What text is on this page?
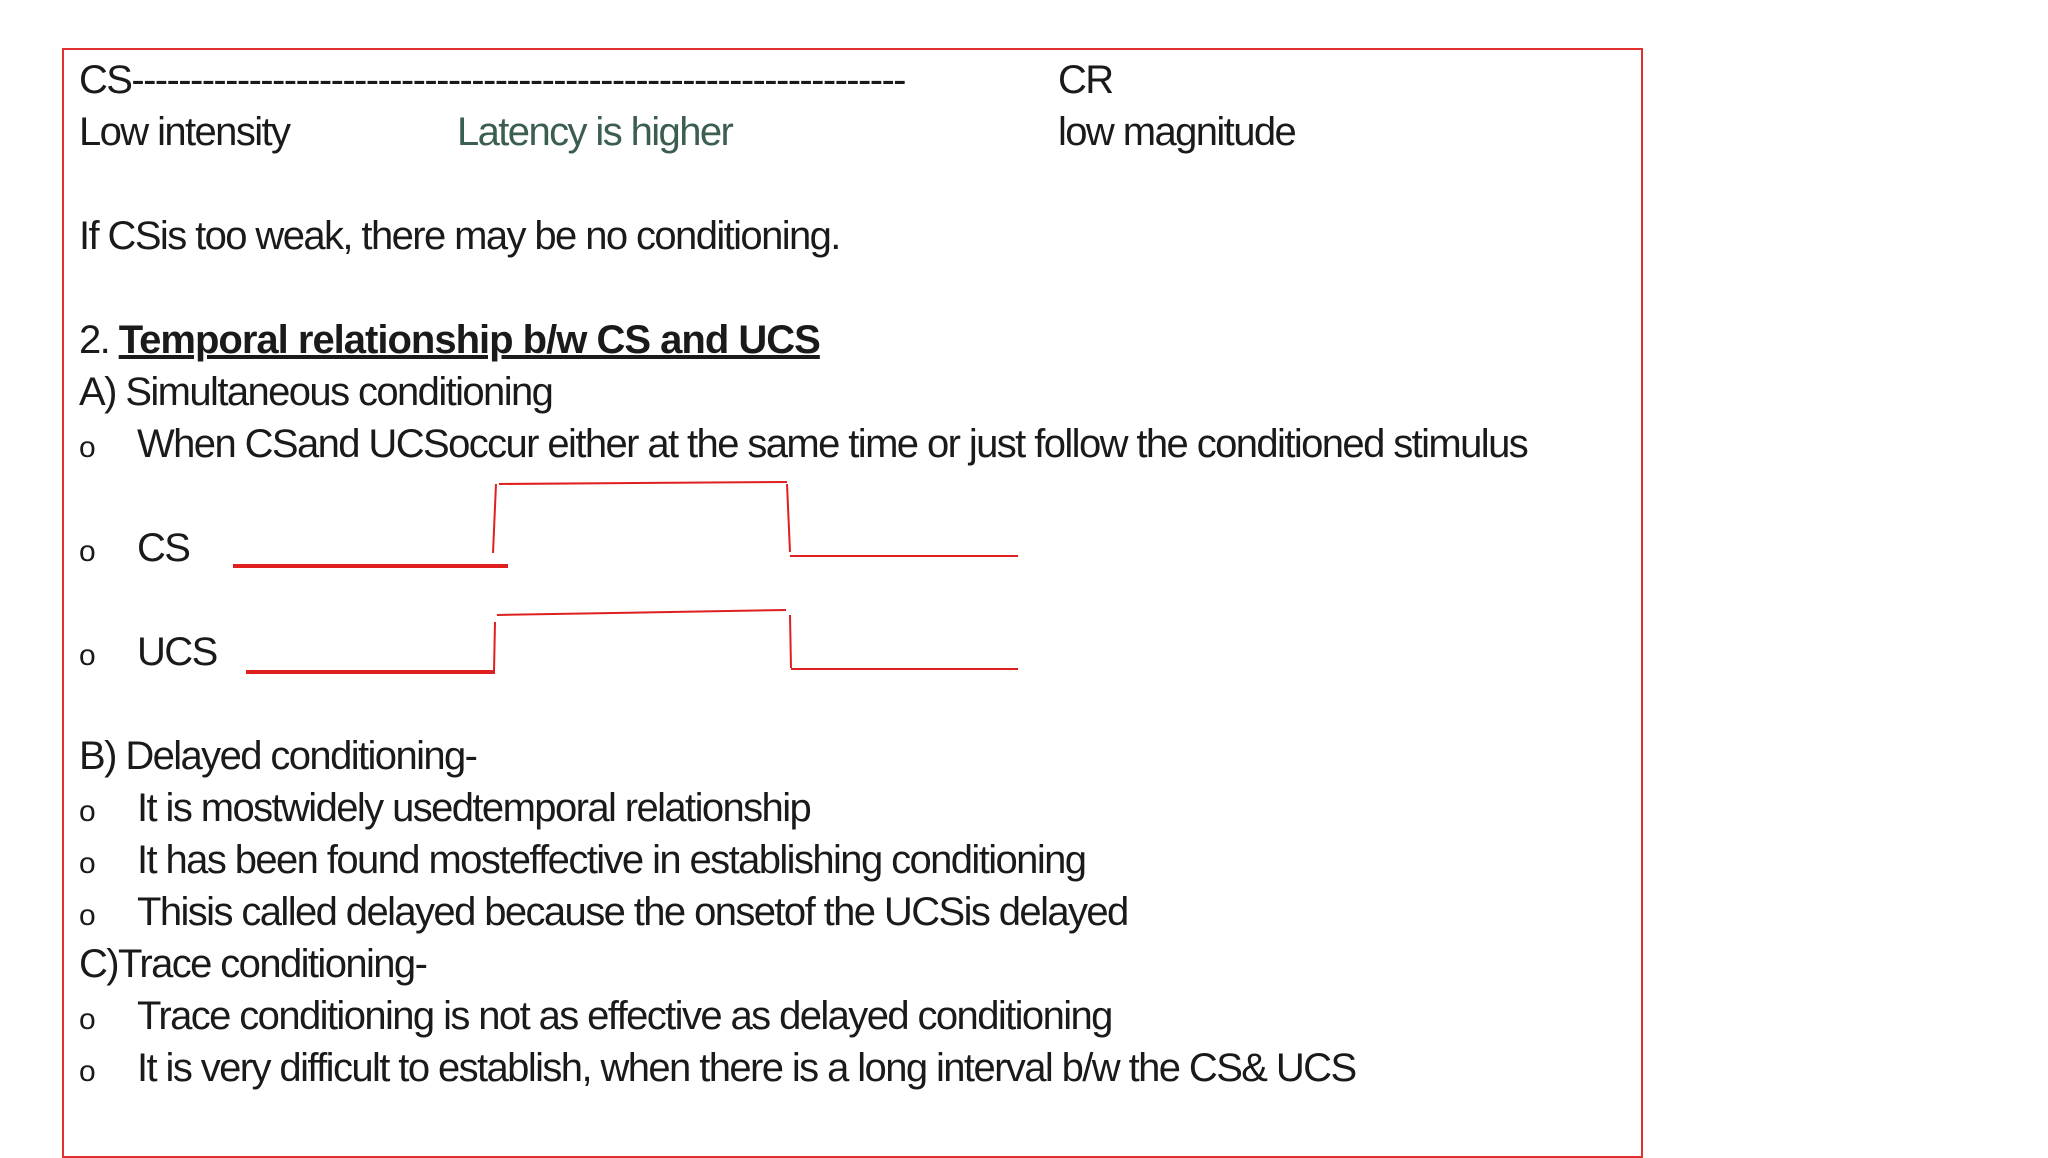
CS------------------------------------------------------------------	CR
Low intensity	Latency is higher	low magnitude
If CSis too weak, there may be no conditioning.
2. Temporal relationship b/w CS and UCS
A) Simultaneous conditioning
o When CSand UCSoccur either at the same time or just follow the conditioned stimulus
o CS
o UCS
B) Delayed conditioning-
o It is mostwidely usedtemporal relationship
o It has been found mosteffective in establishing conditioning
o Thisis called delayed because the onsetof the UCSis delayed
C)Trace conditioning-
o Trace conditioning is not as effective as delayed conditioning
o It is very difficult to establish, when there is a long interval b/w the CS& UCS
